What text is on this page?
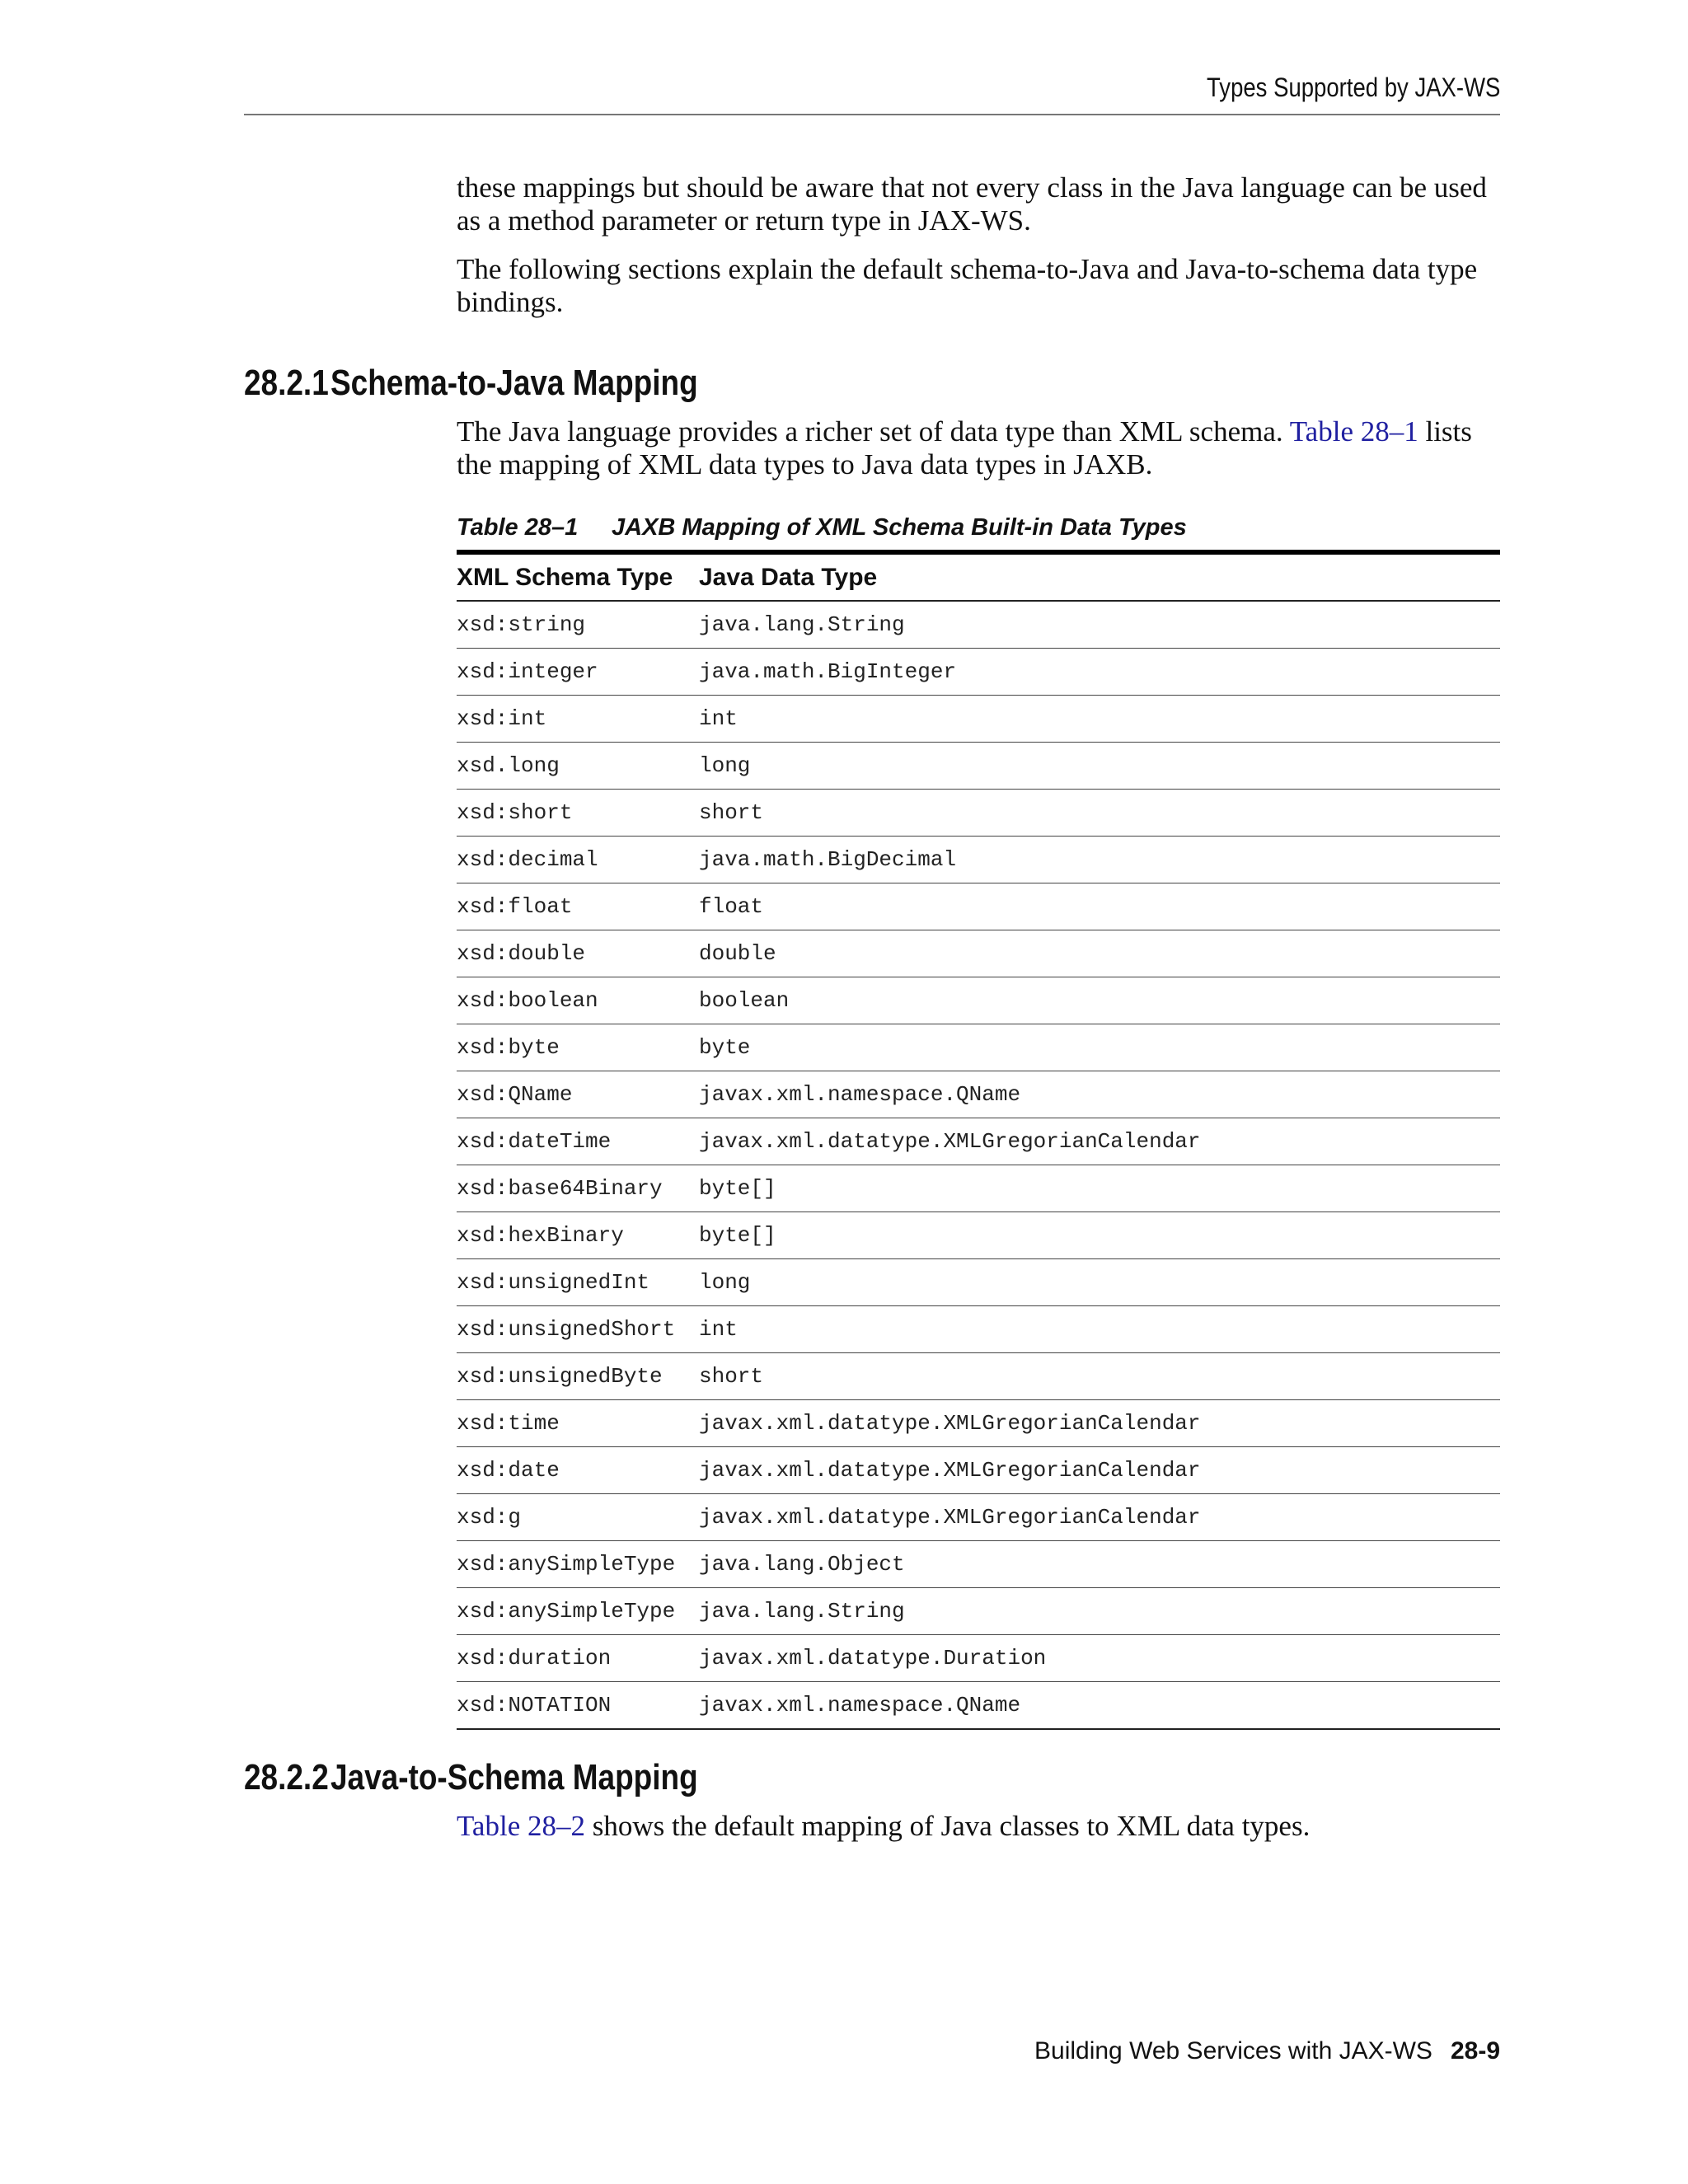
Types Supported by JAX-WS
these mappings but should be aware that not every class in the Java language can be used as a method parameter or return type in JAX-WS.
The following sections explain the default schema-to-Java and Java-to-schema data type bindings.
28.2.1Schema-to-Java Mapping
The Java language provides a richer set of data type than XML schema. Table 28–1 lists the mapping of XML data types to Java data types in JAXB.
Table 28–1 JAXB Mapping of XML Schema Built-in Data Types
XML Schema Type	Java Data Type
xsd:string	java.lang.String
xsd:integer	java.math.BigInteger
xsd:int	int
xsd.long	long
xsd:short	short
xsd:decimal	java.math.BigDecimal
xsd:float	float
xsd:double	double
xsd:boolean	boolean
xsd:byte	byte
xsd:QName	javax.xml.namespace.QName
xsd:dateTime	javax.xml.datatype.XMLGregorianCalendar
xsd:base64Binary	byte[]
xsd:hexBinary	byte[]
xsd:unsignedInt	long
xsd:unsignedShort	int
xsd:unsignedByte	short
xsd:time	javax.xml.datatype.XMLGregorianCalendar
xsd:date	javax.xml.datatype.XMLGregorianCalendar
xsd:g	javax.xml.datatype.XMLGregorianCalendar
xsd:anySimpleType	java.lang.Object
xsd:anySimpleType	java.lang.String
xsd:duration	javax.xml.datatype.Duration
xsd:NOTATION	javax.xml.namespace.QName
28.2.2Java-to-Schema Mapping
Table 28–2 shows the default mapping of Java classes to XML data types.
Building Web Services with JAX-WS 28-9
